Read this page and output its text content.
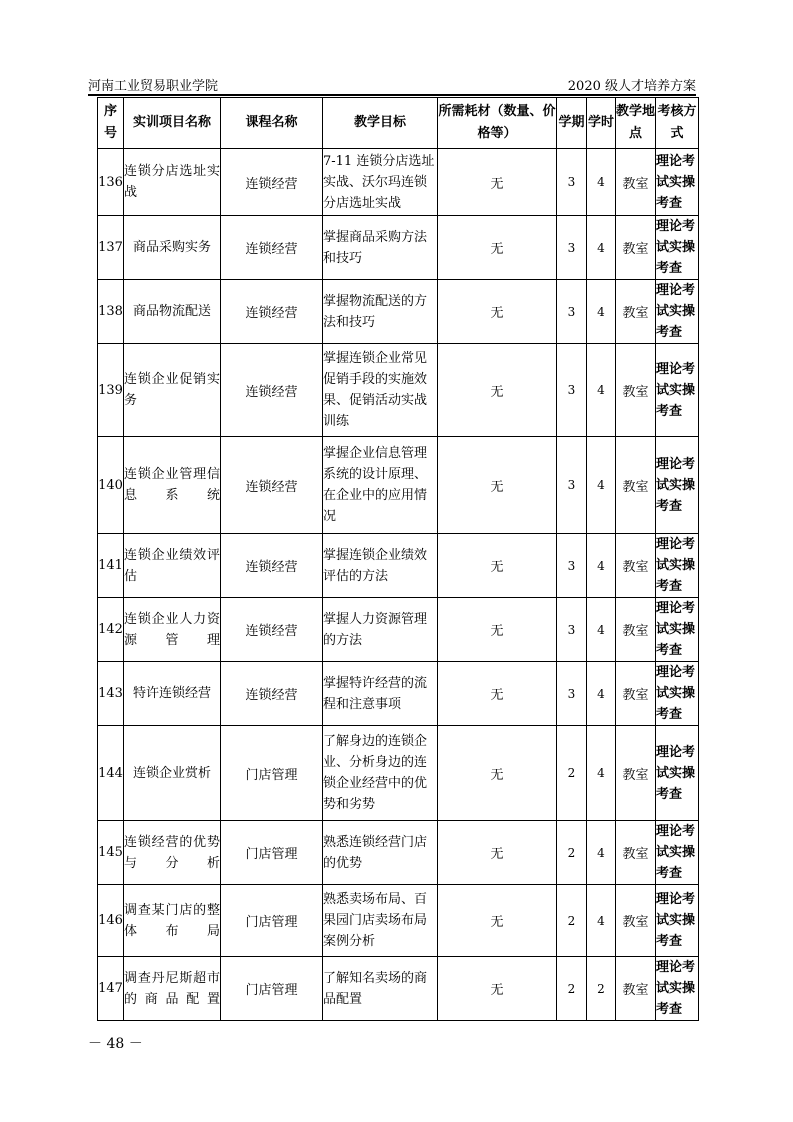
河南工业贸易职业学院	2020 级人才培养方案
序号	实训项目名称	课程名称	教学目标	所需耗材（数量、价格等）	学期	学时	教学地点	考核方式
136	连锁分店选址实战	连锁经营	7-11 连锁分店选址实战、沃尔玛连锁分店选址实战	无	3	4	教室	理论考试实操考查
137	商品采购实务	连锁经营	掌握商品采购方法和技巧	无	3	4	教室	理论考试实操考查
138	商品物流配送	连锁经营	掌握物流配送的方法和技巧	无	3	4	教室	理论考试实操考查
139	连锁企业促销实务	连锁经营	掌握连锁企业常见促销手段的实施效果、促销活动实战训练	无	3	4	教室	理论考试实操考查
140	连锁企业管理信息系统	连锁经营	掌握企业信息管理系统的设计原理、在企业中的应用情况	无	3	4	教室	理论考试实操考查
141	连锁企业绩效评估	连锁经营	掌握连锁企业绩效评估的方法	无	3	4	教室	理论考试实操考查
142	连锁企业人力资源管理	连锁经营	掌握人力资源管理的方法	无	3	4	教室	理论考试实操考查
143	特许连锁经营	连锁经营	掌握特许经营的流程和注意事项	无	3	4	教室	理论考试实操考查
144	连锁企业赏析	门店管理	了解身边的连锁企业、分析身边的连锁企业经营中的优势和劣势	无	2	4	教室	理论考试实操考查
145	连锁经营的优势与分析	门店管理	熟悉连锁经营门店的优势	无	2	4	教室	理论考试实操考查
146	调查某门店的整体布局	门店管理	熟悉卖场布局、百果园门店卖场布局案例分析	无	2	4	教室	理论考试实操考查
147	调查丹尼斯超市的商品配置	门店管理	了解知名卖场的商品配置	无	2	2	教室	理论考试实操考查
－ 48 －
